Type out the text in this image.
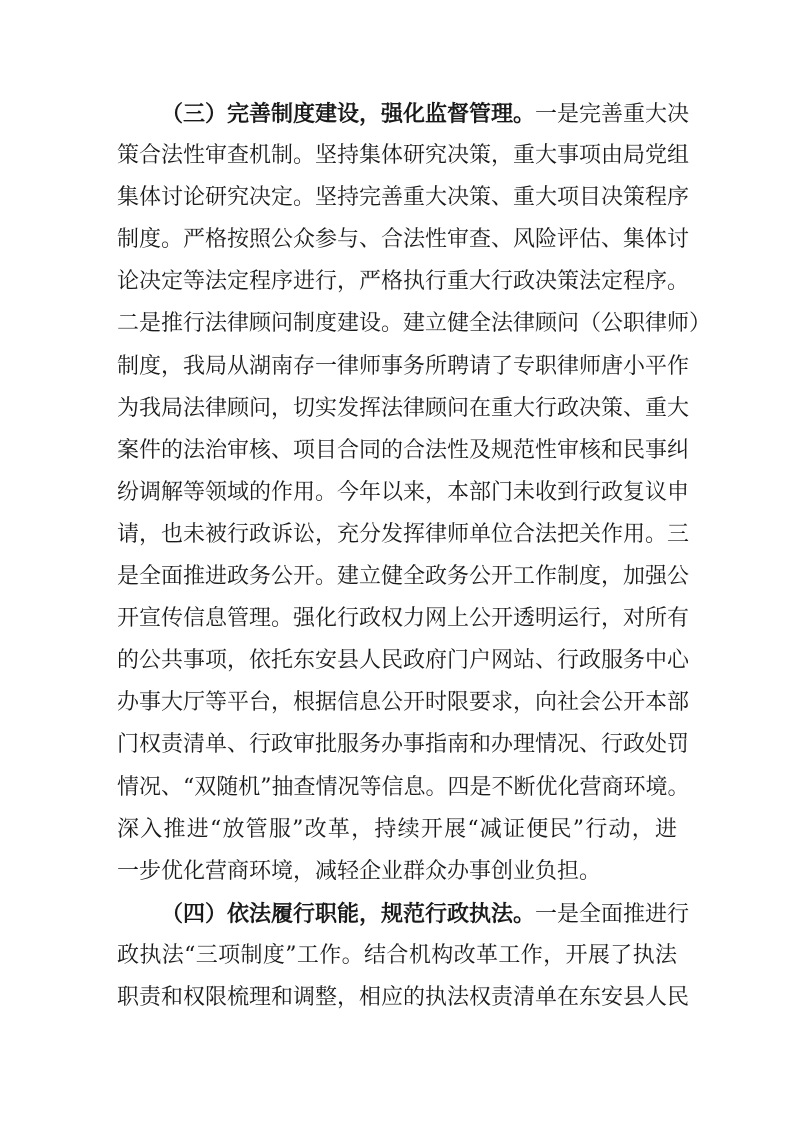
（三）完善制度建设，强化监督管理。一是完善重大决
策合法性审查机制。坚持集体研究决策，重大事项由局党组
集体讨论研究决定。坚持完善重大决策、重大项目决策程序
制度。严格按照公众参与、合法性审查、风险评估、集体讨
论决定等法定程序进行，严格执行重大行政决策法定程序。
二是推行法律顾问制度建设。建立健全法律顾问（公职律师）
制度，我局从湖南存一律师事务所聘请了专职律师唐小平作
为我局法律顾问，切实发挥法律顾问在重大行政决策、重大
案件的法治审核、项目合同的合法性及规范性审核和民事纠
纷调解等领域的作用。今年以来，本部门未收到行政复议申
请，也未被行政诉讼，充分发挥律师单位合法把关作用。三
是全面推进政务公开。建立健全政务公开工作制度，加强公
开宣传信息管理。强化行政权力网上公开透明运行，对所有
的公共事项，依托东安县人民政府门户网站、行政服务中心
办事大厅等平台，根据信息公开时限要求，向社会公开本部
门权责清单、行政审批服务办事指南和办理情况、行政处罚
情况、“双随机”抽查情况等信息。四是不断优化营商环境。
深入推进“放管服”改革，持续开展“减证便民”行动，进
一步优化营商环境，减轻企业群众办事创业负担。
（四）依法履行职能，规范行政执法。一是全面推进行
政执法“三项制度”工作。结合机构改革工作，开展了执法
职责和权限梳理和调整，相应的执法权责清单在东安县人民
